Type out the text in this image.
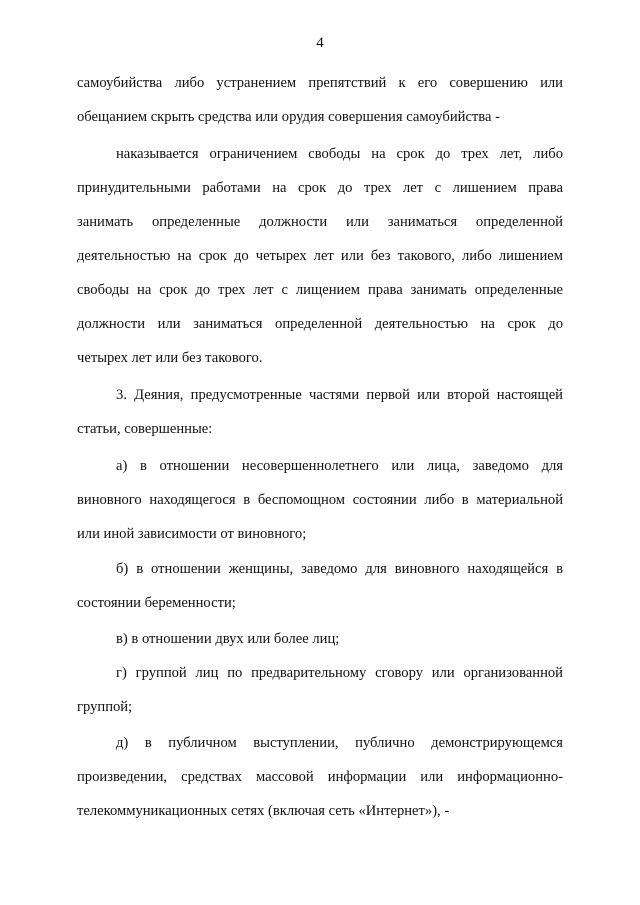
4
самоубийства либо устранением препятствий к его совершению или
обещанием скрыть средства или орудия совершения самоубийства -
наказывается ограничением свободы на срок до трех лет, либо
принудительными работами на срок до трех лет с лишением права
занимать определенные должности или заниматься определенной
деятельностью на срок до четырех лет или без такового, либо лишением
свободы на срок до трех лет с лищением права занимать определенные
должности или заниматься определенной деятельностью на срок до
четырех лет или без такового.
3. Деяния, предусмотренные частями первой или второй настоящей
статьи, совершенные:
а) в отношении несовершеннолетнего или лица, заведомо для
виновного находящегося в беспомощном состоянии либо в материальной
или иной зависимости от виновного;
б) в отношении женщины, заведомо для виновного находящейся в
состоянии беременности;
в) в отношении двух или более лиц;
г) группой лиц по предварительному сговору или организованной
группой;
д) в публичном выступлении, публично демонстрирующемся
произведении, средствах массовой информации или информационно-
телекоммуникационных сетях (включая сеть «Интернет»), -
